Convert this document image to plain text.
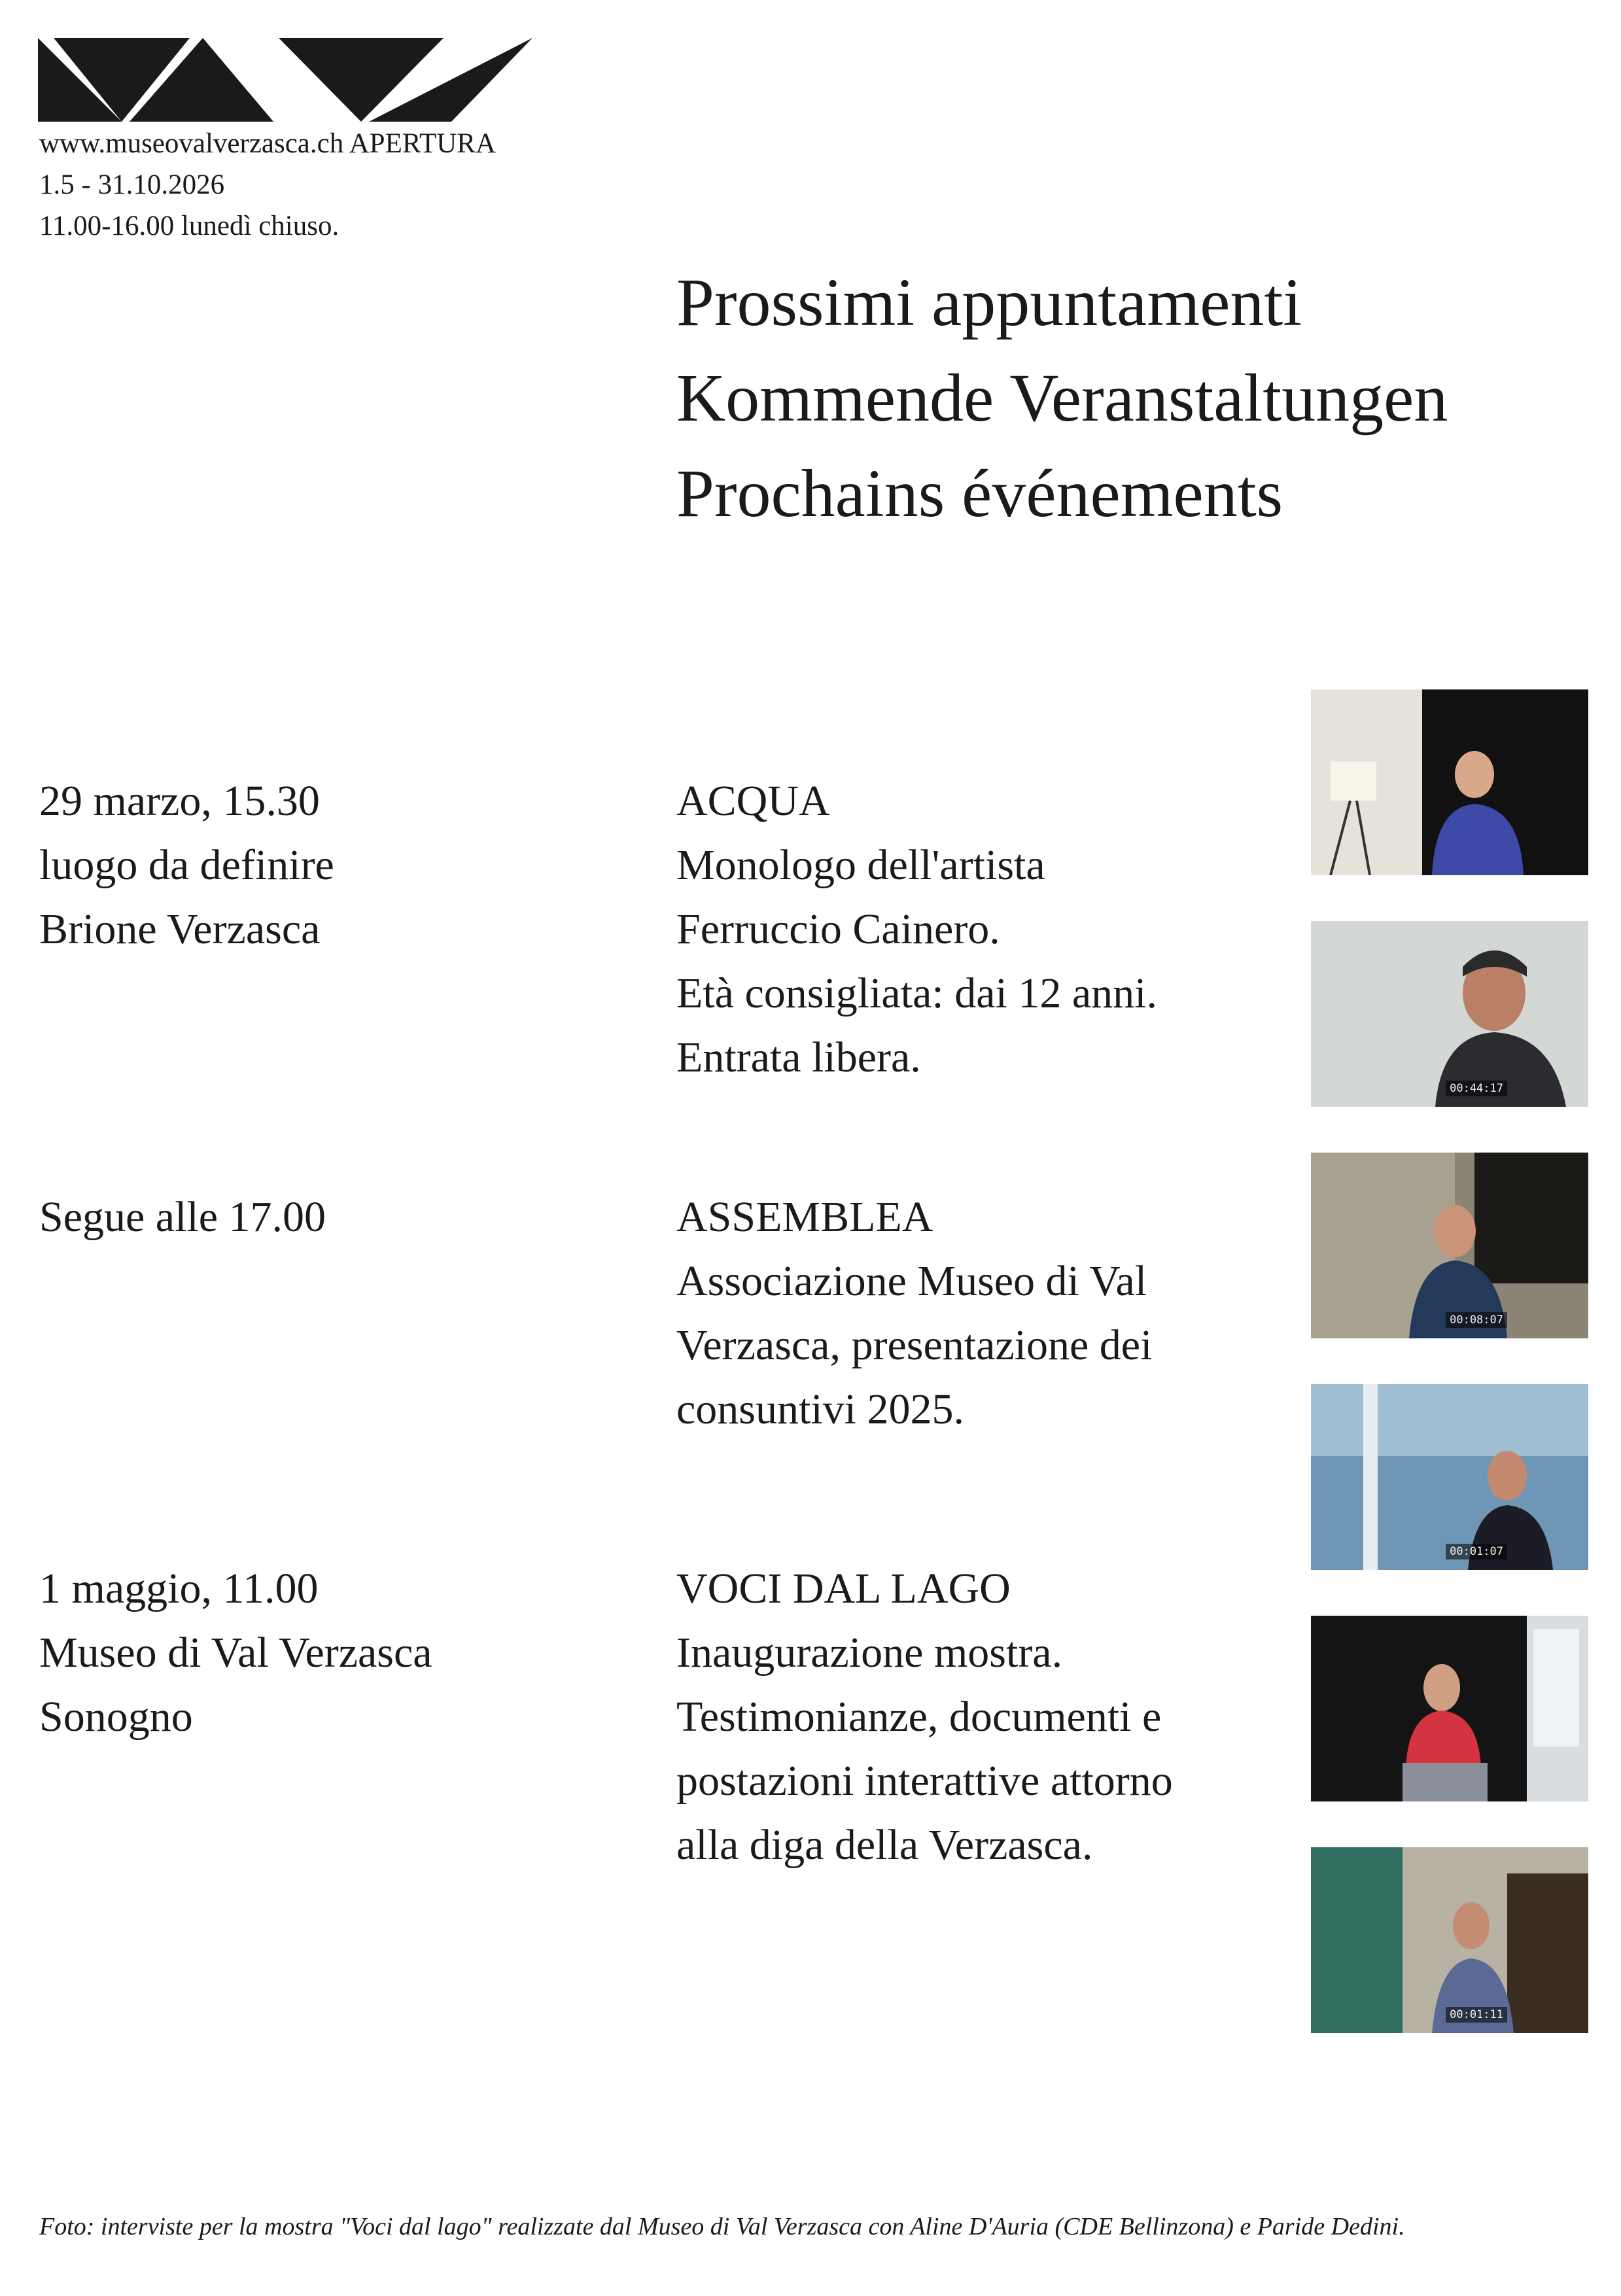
www.museovalverzasca.ch APERTURA
1.5 - 31.10.2026
11.00-16.00 lunedì chiuso.
Prossimi appuntamenti
Kommende Veranstaltungen
Prochains événements
29 marzo, 15.30
luogo da definire
Brione Verzasca
ACQUA
Monologo dell'artista
Ferruccio Cainero.
Età consigliata: dai 12 anni.
Entrata libera.
Segue alle 17.00	ASSEMBLEA
Associazione Museo di Val
Verzasca, presentazione dei
consuntivi 2025.
1 maggio, 11.00
Museo di Val Verzasca
Sonogno
VOCI DAL LAGO
Inaugurazione mostra.
Testimonianze, documenti e
postazioni interattive attorno
alla diga della Verzasca.
00:44:17
00:08:07
00:01:07
00:01:11
Foto: interviste per la mostra "Voci dal lago" realizzate dal Museo di Val Verzasca con Aline D'Auria (CDE Bellinzona) e Paride Dedini.
